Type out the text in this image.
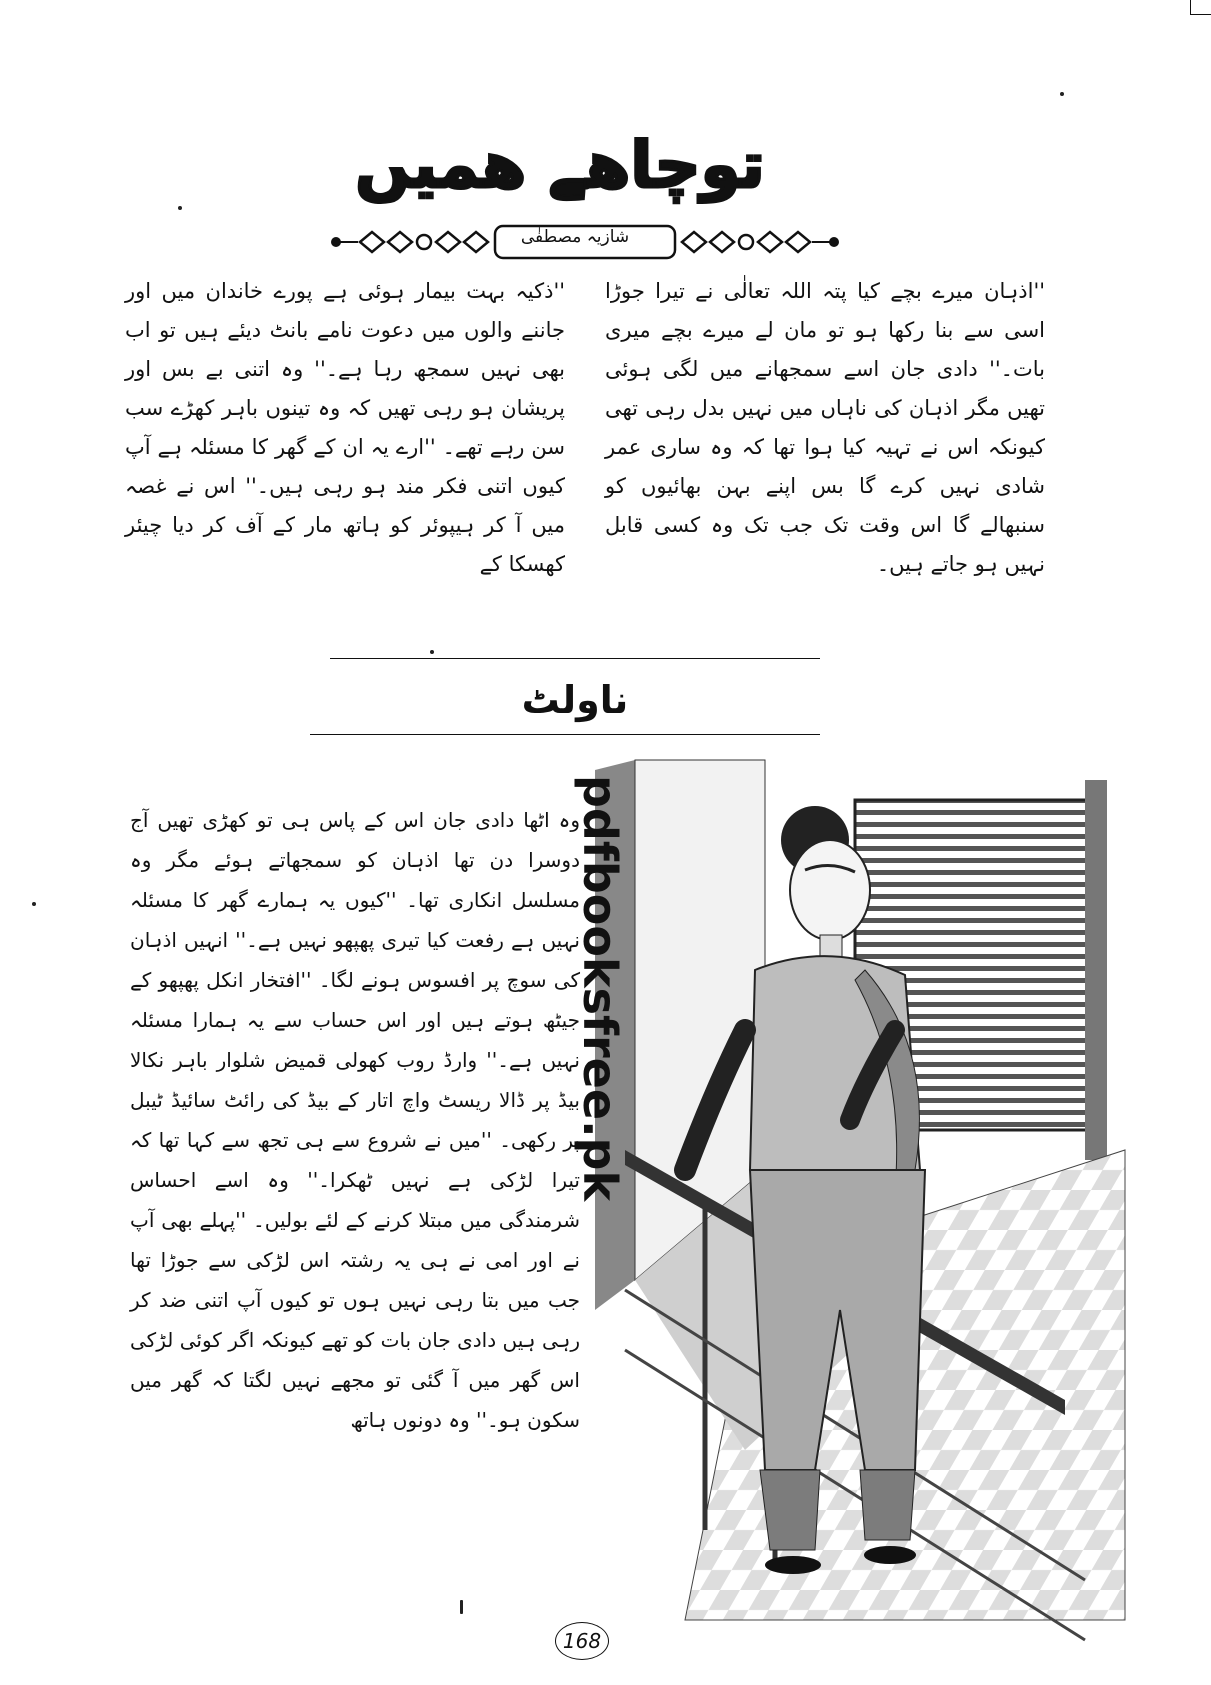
توچاھے ھمیں
شازیہ مصطفٰی

''اذہان میرے بچے کیا پتہ اللہ تعالٰی نے تیرا جوڑا اسی سے بنا رکھا ہو تو مان لے میرے بچے میری بات۔'' دادی جان اسے سمجھانے میں لگی ہوئی تھیں مگر اذہان کی ناہاں میں نہیں بدل رہی تھی کیونکہ اس نے تہیہ کیا ہوا تھا کہ وہ ساری عمر شادی نہیں کرے گا بس اپنے بہن بھائیوں کو سنبھالے گا اس وقت تک جب تک وہ کسی قابل نہیں ہو جاتے ہیں۔

''ذکیہ بہت بیمار ہوئی ہے پورے خاندان میں اور جاننے والوں میں دعوت نامے بانٹ دیئے ہیں تو اب بھی نہیں سمجھ رہا ہے۔'' وہ اتنی بے بس اور پریشان ہو رہی تھیں کہ وہ تینوں باہر کھڑے سب سن رہے تھے۔ ''ارے یہ ان کے گھر کا مسئلہ ہے آپ کیوں اتنی فکر مند ہو رہی ہیں۔'' اس نے غصہ میں آ کر ہیپوئر کو ہاتھ مار کے آف کر دیا چیئر کھسکا کے

ناولٹ

وہ اٹھا دادی جان اس کے پاس ہی تو کھڑی تھیں آج دوسرا دن تھا اذہان کو سمجھاتے ہوئے مگر وہ مسلسل انکاری تھا۔ ''کیوں یہ ہمارے گھر کا مسئلہ نہیں ہے رفعت کیا تیری پھپھو نہیں ہے۔'' انہیں اذہان کی سوچ پر افسوس ہونے لگا۔ ''افتخار انکل پھپھو کے جیٹھ ہوتے ہیں اور اس حساب سے یہ ہمارا مسئلہ نہیں ہے۔'' وارڈ روب کھولی قمیض شلوار باہر نکالا بیڈ پر ڈالا ریسٹ واچ اتار کے بیڈ کی رائٹ سائیڈ ٹیبل پر رکھی۔ ''میں نے شروع سے ہی تجھ سے کہا تھا کہ تیرا لڑکی ہے نہیں ٹھکرا۔'' وہ اسے احساس شرمندگی میں مبتلا کرنے کے لئے بولیں۔ ''پہلے بھی آپ نے اور امی نے ہی یہ رشتہ اس لڑکی سے جوڑا تھا جب میں بتا رہی نہیں ہوں تو کیوں آپ اتنی ضد کر رہی ہیں دادی جان بات کو تھے کیونکہ اگر کوئی لڑکی اس گھر میں آ گئی تو مجھے نہیں لگتا کہ گھر میں سکون ہو۔'' وہ دونوں ہاتھ

pdfbooksfree.pk
168
